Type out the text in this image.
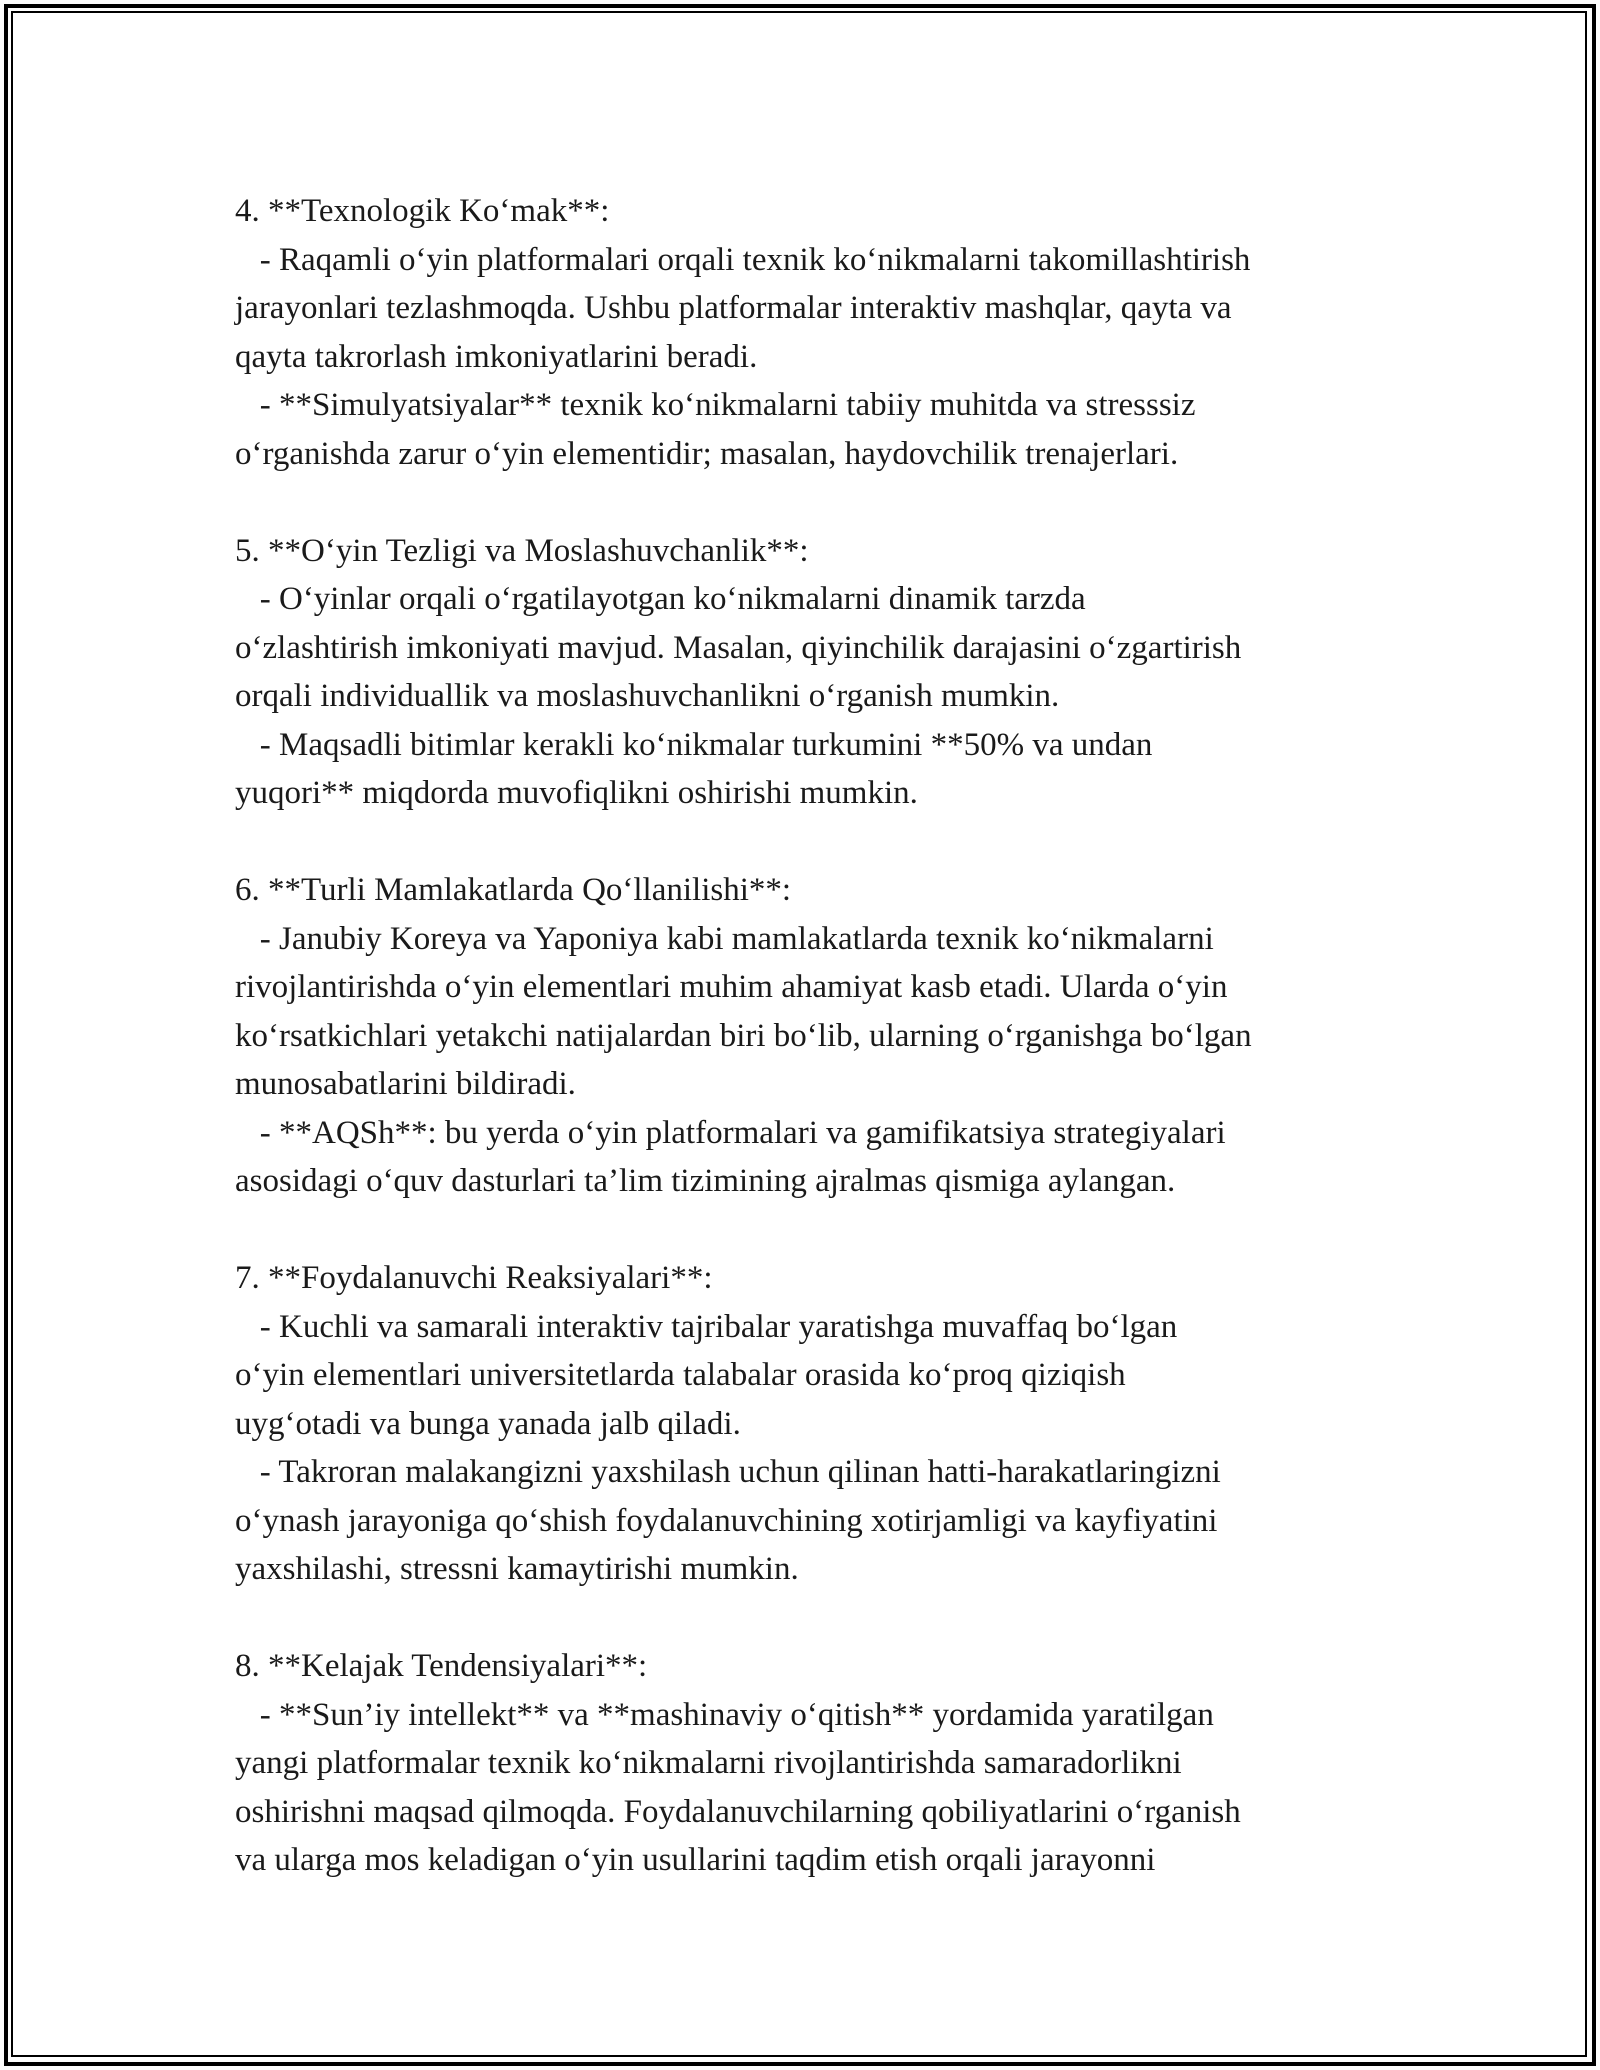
4. **Texnologik Ko‘mak**:
- Raqamli o‘yin platformalari orqali texnik ko‘nikmalarni takomillashtirish
jarayonlari tezlashmoqda. Ushbu platformalar interaktiv mashqlar, qayta va
qayta takrorlash imkoniyatlarini beradi.
- **Simulyatsiyalar** texnik ko‘nikmalarni tabiiy muhitda va stresssiz
o‘rganishda zarur o‘yin elementidir; masalan, haydovchilik trenajerlari.
5. **O‘yin Tezligi va Moslashuvchanlik**:
- O‘yinlar orqali o‘rgatilayotgan ko‘nikmalarni dinamik tarzda
o‘zlashtirish imkoniyati mavjud. Masalan, qiyinchilik darajasini o‘zgartirish
orqali individuallik va moslashuvchanlikni o‘rganish mumkin.
- Maqsadli bitimlar kerakli ko‘nikmalar turkumini **50% va undan
yuqori** miqdorda muvofiqlikni oshirishi mumkin.
6. **Turli Mamlakatlarda Qo‘llanilishi**:
- Janubiy Koreya va Yaponiya kabi mamlakatlarda texnik ko‘nikmalarni
rivojlantirishda o‘yin elementlari muhim ahamiyat kasb etadi. Ularda o‘yin
ko‘rsatkichlari yetakchi natijalardan biri bo‘lib, ularning o‘rganishga bo‘lgan
munosabatlarini bildiradi.
- **AQSh**: bu yerda o‘yin platformalari va gamifikatsiya strategiyalari
asosidagi o‘quv dasturlari ta’lim tizimining ajralmas qismiga aylangan.
7. **Foydalanuvchi Reaksiyalari**:
- Kuchli va samarali interaktiv tajribalar yaratishga muvaffaq bo‘lgan
o‘yin elementlari universitetlarda talabalar orasida ko‘proq qiziqish
uyg‘otadi va bunga yanada jalb qiladi.
- Takroran malakangizni yaxshilash uchun qilinan hatti-harakatlaringizni
o‘ynash jarayoniga qo‘shish foydalanuvchining xotirjamligi va kayfiyatini
yaxshilashi, stressni kamaytirishi mumkin.
8. **Kelajak Tendensiyalari**:
- **Sun’iy intellekt** va **mashinaviy o‘qitish** yordamida yaratilgan
yangi platformalar texnik ko‘nikmalarni rivojlantirishda samaradorlikni
oshirishni maqsad qilmoqda. Foydalanuvchilarning qobiliyatlarini o‘rganish
va ularga mos keladigan o‘yin usullarini taqdim etish orqali jarayonni
